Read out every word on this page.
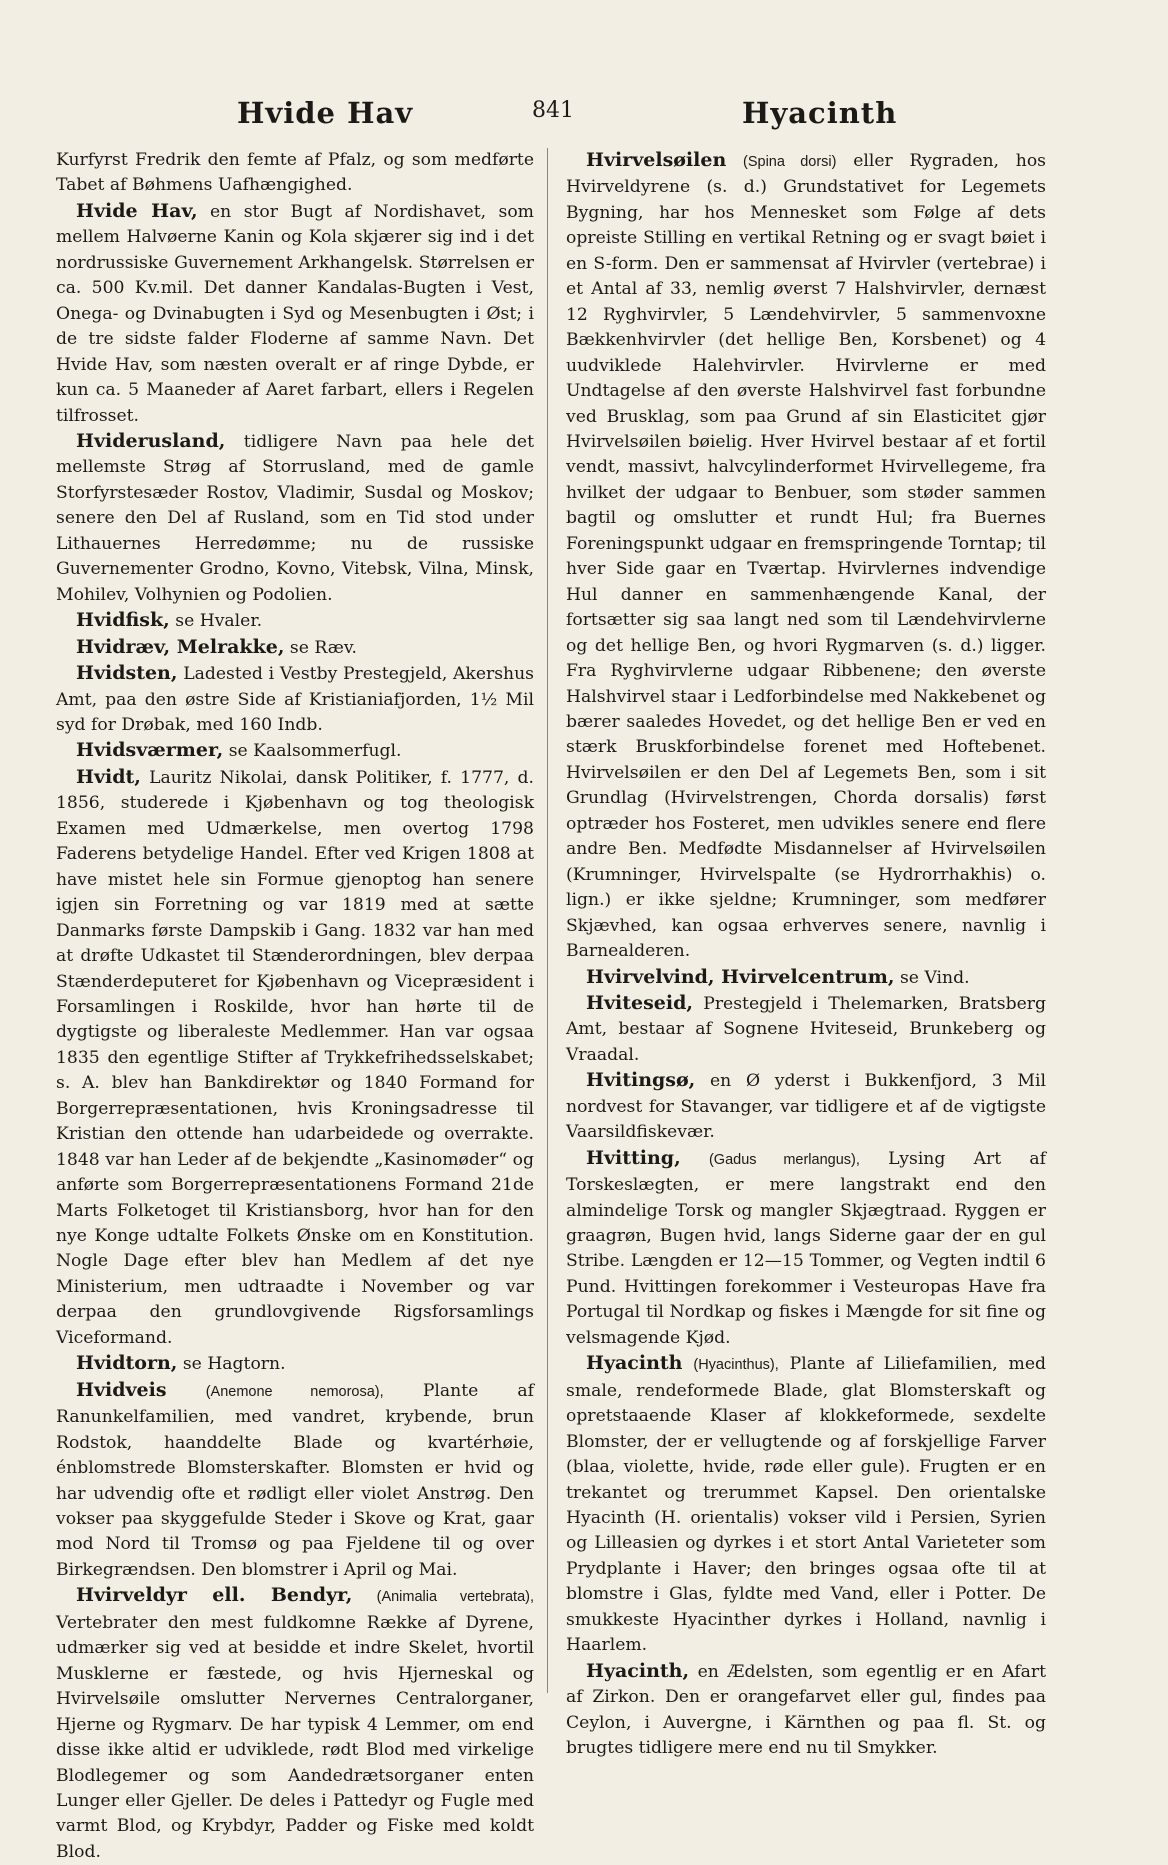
Hvide Hav	841	Hyacinth

Kurfyrst Fredrik den femte af Pfalz, og som medførte Tabet af Bøhmens Uafhængighed.

Hvide Hav, en stor Bugt af Nordishavet, som mellem Halvøerne Kanin og Kola skjærer sig ind i det nordrussiske Guvernement Arkhangelsk. Størrelsen er ca. 500 Kv.mil. Det danner Kandalas-Bugten i Vest, Onega- og Dvinabugten i Syd og Mesenbugten i Øst; i de tre sidste falder Floderne af samme Navn. Det Hvide Hav, som næsten overalt er af ringe Dybde, er kun ca. 5 Maaneder af Aaret farbart, ellers i Regelen tilfrosset.

Hviderusland, tidligere Navn paa hele det mellemste Strøg af Storrusland, med de gamle Storfyrstesæder Rostov, Vladimir, Susdal og Moskov; senere den Del af Rusland, som en Tid stod under Lithauernes Herredømme; nu de russiske Guvernementer Grodno, Kovno, Vitebsk, Vilna, Minsk, Mohilev, Volhynien og Podolien.

Hvidfisk, se Hvaler.

Hvidræv, Melrakke, se Ræv.

Hvidsten, Ladested i Vestby Prestegjeld, Akershus Amt, paa den østre Side af Kristianiafjorden, 1½ Mil syd for Drøbak, med 160 Indb.

Hvidsværmer, se Kaalsommerfugl.

Hvidt, Lauritz Nikolai, dansk Politiker, f. 1777, d. 1856, studerede i Kjøbenhavn og tog theologisk Examen med Udmærkelse, men overtog 1798 Faderens betydelige Handel. Efter ved Krigen 1808 at have mistet hele sin Formue gjenoptog han senere igjen sin Forretning og var 1819 med at sætte Danmarks første Dampskib i Gang. 1832 var han med at drøfte Udkastet til Stænderordningen, blev derpaa Stænderdeputeret for Kjøbenhavn og Vicepræsident i Forsamlingen i Roskilde, hvor han hørte til de dygtigste og liberaleste Medlemmer. Han var ogsaa 1835 den egentlige Stifter af Trykkefrihedsselskabet; s. A. blev han Bankdirektør og 1840 Formand for Borgerrepræsentationen, hvis Kroningsadresse til Kristian den ottende han udarbeidede og overrakte. 1848 var han Leder af de bekjendte „Kasinomøder“ og anførte som Borgerrepræsentationens Formand 21de Marts Folketoget til Kristiansborg, hvor han for den nye Konge udtalte Folkets Ønske om en Konstitution. Nogle Dage efter blev han Medlem af det nye Ministerium, men udtraadte i November og var derpaa den grundlovgivende Rigsforsamlings Viceformand.

Hvidtorn, se Hagtorn.

Hvidveis	(Anemone nemorosa), Plante af Ranunkelfamilien, med vandret, krybende, brun Rodstok, haanddelte Blade og kvartérhøie, énblomstrede Blomsterskafter. Blomsten er hvid og har udvendig ofte et rødligt eller violet Anstrøg. Den vokser paa skyggefulde Steder i Skove og Krat, gaar mod Nord til Tromsø og paa Fjeldene til og over Birkegrændsen. Den blomstrer i April og Mai.

Hvirveldyr ell. Bendyr, (Animalia vertebrata), Vertebrater den mest fuldkomne Række af Dyrene, udmærker sig ved at besidde et indre Skelet, hvortil Musklerne er fæstede, og hvis Hjerneskal og Hvirvelsøile omslutter Nervernes Centralorganer, Hjerne og Rygmarv. De har typisk 4 Lemmer, om end disse ikke altid er udviklede, rødt Blod med virkelige Blodlegemer og som Aandedrætsorganer enten Lunger eller Gjeller. De deles i Pattedyr og Fugle med varmt Blod, og Krybdyr, Padder og Fiske med koldt Blod.

Hvirvelsøilen (Spina dorsi) eller Rygraden, hos Hvirveldyrene (s. d.) Grundstativet for Legemets Bygning, har hos Mennesket som Følge af dets opreiste Stilling en vertikal Retning og er svagt bøiet i en S-form. Den er sammensat af Hvirvler (vertebrae) i et Antal af 33, nemlig øverst 7 Halshvirvler, dernæst 12 Ryghvirvler, 5 Lændehvirvler, 5 sammenvoxne Bækkenhvirvler (det hellige Ben, Korsbenet) og 4 uudviklede Halehvirvler. Hvirvlerne er med Undtagelse af den øverste Halshvirvel fast forbundne ved Brusklag, som paa Grund af sin Elasticitet gjør Hvirvelsøilen bøielig. Hver Hvirvel bestaar af et fortil vendt, massivt, halvcylinderformet Hvirvellegeme, fra hvilket der udgaar to Benbuer, som støder sammen bagtil og omslutter et rundt Hul; fra Buernes Foreningspunkt udgaar en fremspringende Torntap; til hver Side gaar en Tværtap. Hvirvlernes indvendige Hul danner en sammenhængende Kanal, der fortsætter sig saa langt ned som til Lændehvirvlerne og det hellige Ben, og hvori Rygmarven (s. d.) ligger. Fra Ryghvirvlerne udgaar Ribbenene; den øverste Halshvirvel staar i Ledforbindelse med Nakkebenet og bærer saaledes Hovedet, og det hellige Ben er ved en stærk Bruskforbindelse forenet med Hoftebenet. Hvirvelsøilen er den Del af Legemets Ben, som i sit Grundlag (Hvirvelstrengen, Chorda dorsalis) først optræder hos Fosteret, men udvikles senere end flere andre Ben. Medfødte Misdannelser af Hvirvelsøilen (Krumninger, Hvirvelspalte (se Hydrorrhakhis) o. lign.) er ikke sjeldne; Krumninger, som medfører Skjævhed, kan ogsaa erhverves senere, navnlig i Barnealderen.

Hvirvelvind, Hvirvelcentrum, se Vind.

Hviteseid, Prestegjeld i Thelemarken, Bratsberg Amt, bestaar af Sognene Hviteseid, Brunkeberg og Vraadal.

Hvitingsø, en Ø yderst i Bukkenfjord, 3 Mil nordvest for Stavanger, var tidligere et af de vigtigste Vaarsildfiskevær.

Hvitting, (Gadus merlangus), Lysing Art af Torskeslægten, er mere langstrakt end den almindelige Torsk og mangler Skjægtraad. Ryggen er graagrøn, Bugen hvid, langs Siderne gaar der en gul Stribe. Længden er 12—15 Tommer, og Vegten indtil 6 Pund. Hvittingen forekommer i Vesteuropas Have fra Portugal til Nordkap og fiskes i Mængde for sit fine og velsmagende Kjød.

Hyacinth (Hyacinthus), Plante af Liliefamilien, med smale, rendeformede Blade, glat Blomsterskaft og opretstaaende Klaser af klokkeformede, sexdelte Blomster, der er vellugtende og af forskjellige Farver (blaa, violette, hvide, røde eller gule). Frugten er en trekantet og trerummet Kapsel. Den orientalske Hyacinth (H. orientalis) vokser vild i Persien, Syrien og Lilleasien og dyrkes i et stort Antal Varieteter som Prydplante i Haver; den bringes ogsaa ofte til at blomstre i Glas, fyldte med Vand, eller i Potter. De smukkeste Hyacinther dyrkes i Holland, navnlig i Haarlem.

Hyacinth, en Ædelsten, som egentlig er en Afart af Zirkon. Den er orangefarvet eller gul, findes paa Ceylon, i Auvergne, i Kärnthen og paa fl. St. og brugtes tidligere mere end nu til Smykker.
